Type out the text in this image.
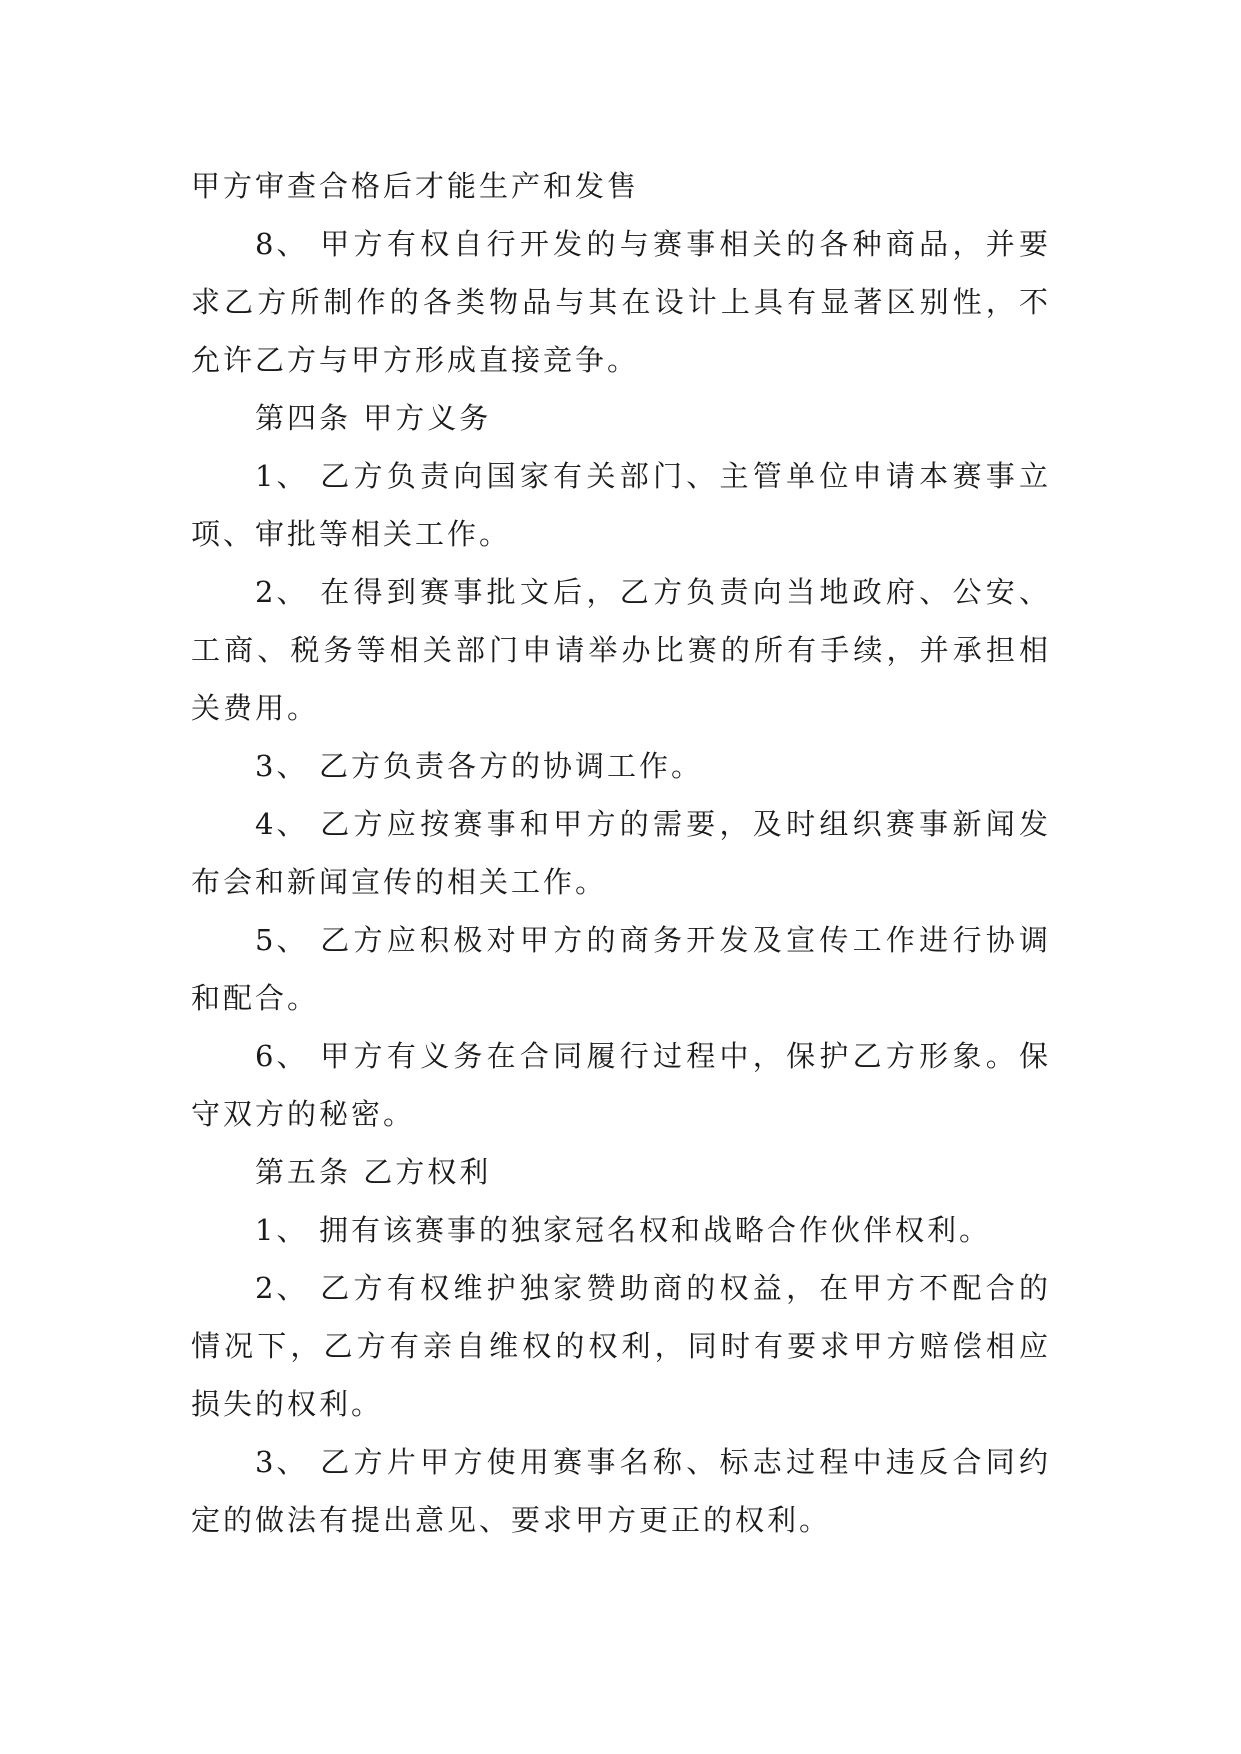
甲方审查合格后才能生产和发售

8、 甲方有权自行开发的与赛事相关的各种商品，并要求乙方所制作的各类物品与其在设计上具有显著区别性，不允许乙方与甲方形成直接竞争。

第四条 甲方义务

1、 乙方负责向国家有关部门、主管单位申请本赛事立项、审批等相关工作。

2、 在得到赛事批文后，乙方负责向当地政府、公安、工商、税务等相关部门申请举办比赛的所有手续，并承担相关费用。

3、 乙方负责各方的协调工作。

4、 乙方应按赛事和甲方的需要，及时组织赛事新闻发布会和新闻宣传的相关工作。

5、 乙方应积极对甲方的商务开发及宣传工作进行协调和配合。

6、 甲方有义务在合同履行过程中，保护乙方形象。保守双方的秘密。

第五条 乙方权利

1、 拥有该赛事的独家冠名权和战略合作伙伴权利。

2、 乙方有权维护独家赞助商的权益，在甲方不配合的情况下，乙方有亲自维权的权利，同时有要求甲方赔偿相应损失的权利。

3、 乙方片甲方使用赛事名称、标志过程中违反合同约定的做法有提出意见、要求甲方更正的权利。
